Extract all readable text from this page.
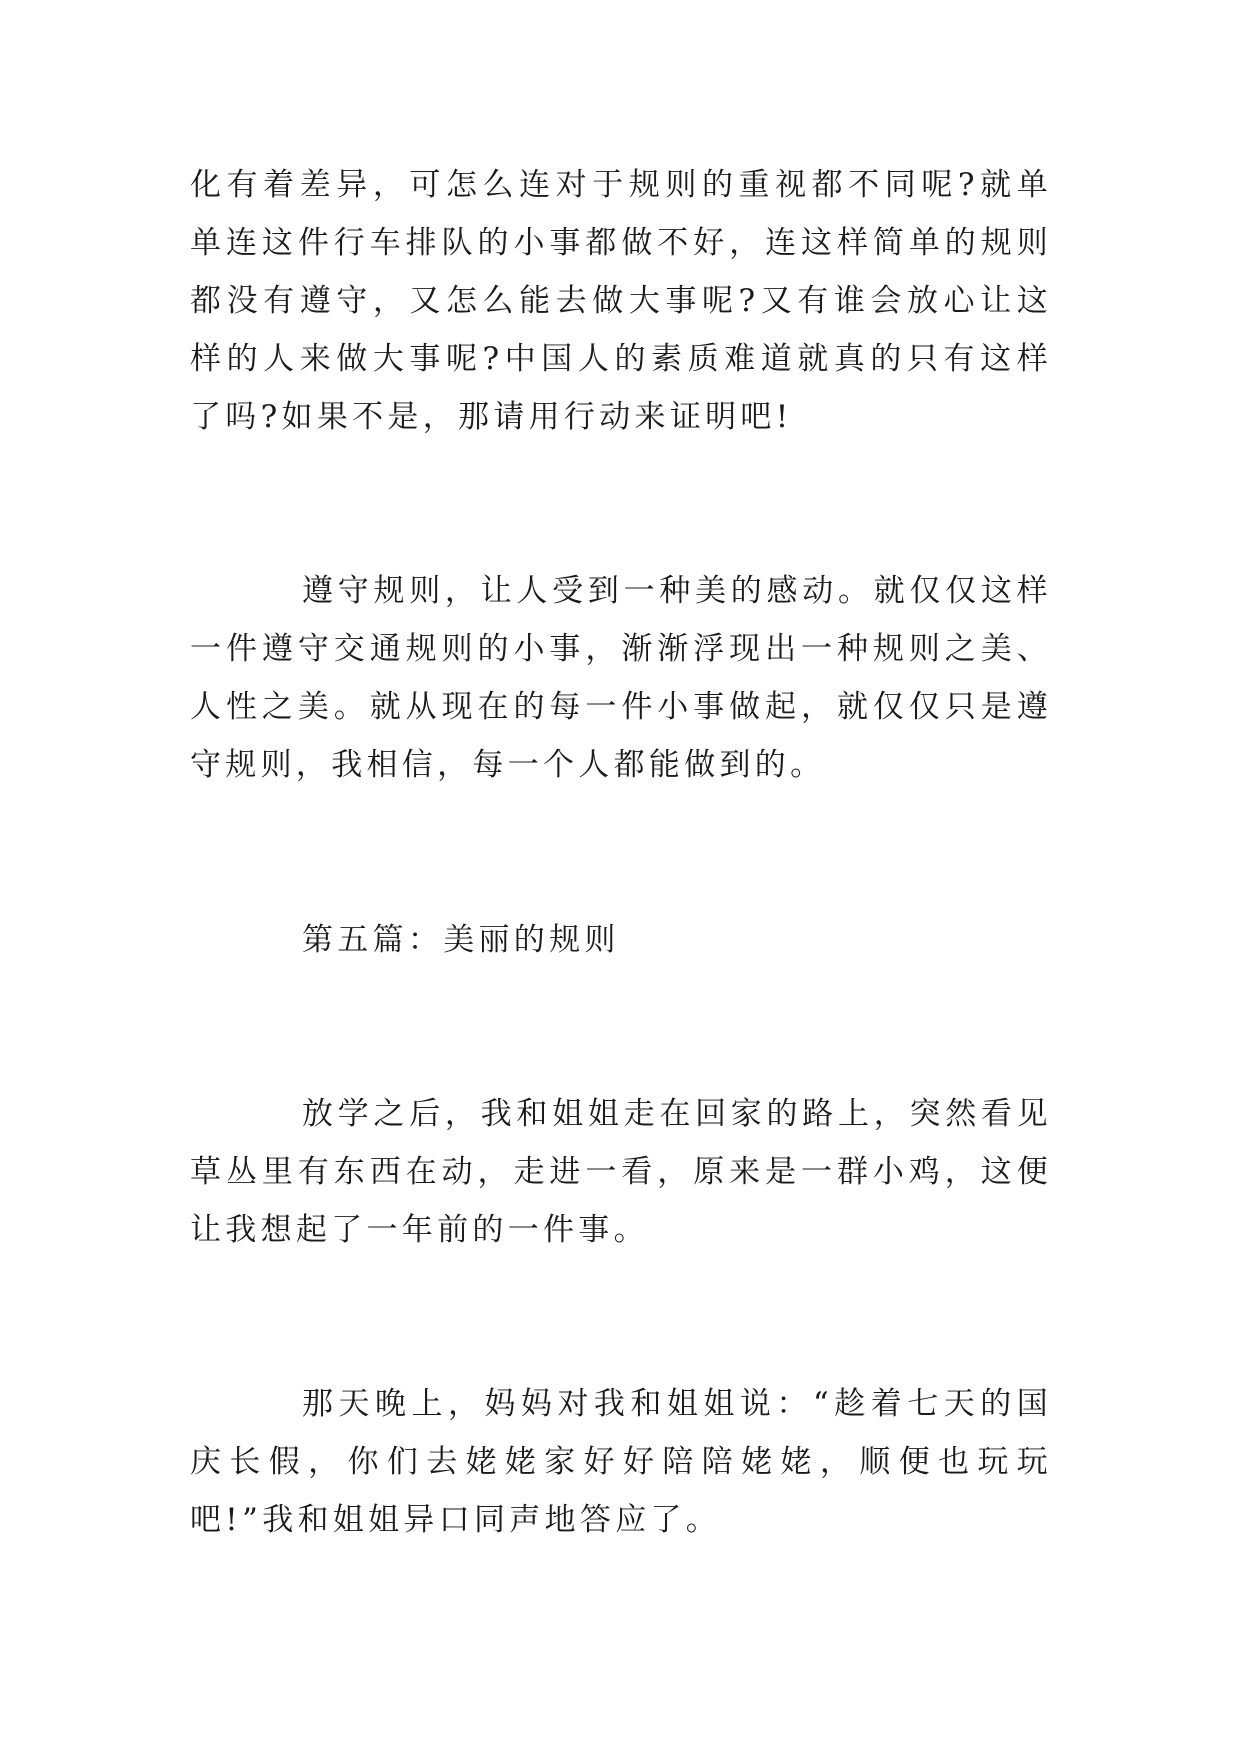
化有着差异，可怎么连对于规则的重视都不同呢?就单单连这件行车排队的小事都做不好，连这样简单的规则都没有遵守，又怎么能去做大事呢?又有谁会放心让这样的人来做大事呢?中国人的素质难道就真的只有这样了吗?如果不是，那请用行动来证明吧!

遵守规则，让人受到一种美的感动。就仅仅这样一件遵守交通规则的小事，渐渐浮现出一种规则之美、人性之美。就从现在的每一件小事做起，就仅仅只是遵守规则，我相信，每一个人都能做到的。

第五篇：美丽的规则

放学之后，我和姐姐走在回家的路上，突然看见草丛里有东西在动，走进一看，原来是一群小鸡，这便让我想起了一年前的一件事。

那天晚上，妈妈对我和姐姐说：“趁着七天的国庆长假，你们去姥姥家好好陪陪姥姥，顺便也玩玩吧!”我和姐姐异口同声地答应了。
